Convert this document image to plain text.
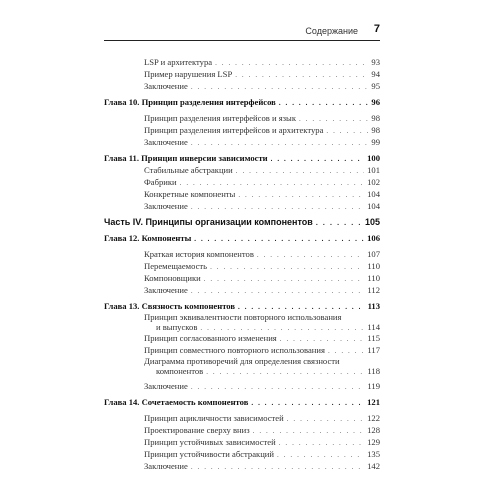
Содержание 7
LSP и архитектура . . .	93
Пример нарушения LSP . . .	94
Заключение . . .	95
Глава 10. Принцип разделения интерфейсов . . .	96
Принцип разделения интерфейсов и язык . . .	98
Принцип разделения интерфейсов и архитектура . . .	98
Заключение . . .	99
Глава 11. Принцип инверсии зависимости . . .	100
Стабильные абстракции . . .	101
Фабрики . . .	102
Конкретные компоненты . . .	104
Заключение . . .	104
Часть IV. Принципы организации компонентов . . .	105
Глава 12. Компоненты . . .	106
Краткая история компонентов . . .	107
Перемещаемость . . .	110
Компоновщики . . .	110
Заключение . . .	112
Глава 13. Связность компонентов . . .	113
Принцип эквивалентности повторного использования
и выпусков . . .	114
Принцип согласованного изменения . . .	115
Принцип совместного повторного использования . . .	117
Диаграмма противоречий для определения связности
компонентов . . .	118
Заключение . . .	119
Глава 14. Сочетаемость компонентов . . .	121
Принцип ацикличности зависимостей . . .	122
Проектирование сверху вниз . . .	128
Принцип устойчивых зависимостей . . .	129
Принцип устойчивости абстракций . . .	135
Заключение . . .	142
